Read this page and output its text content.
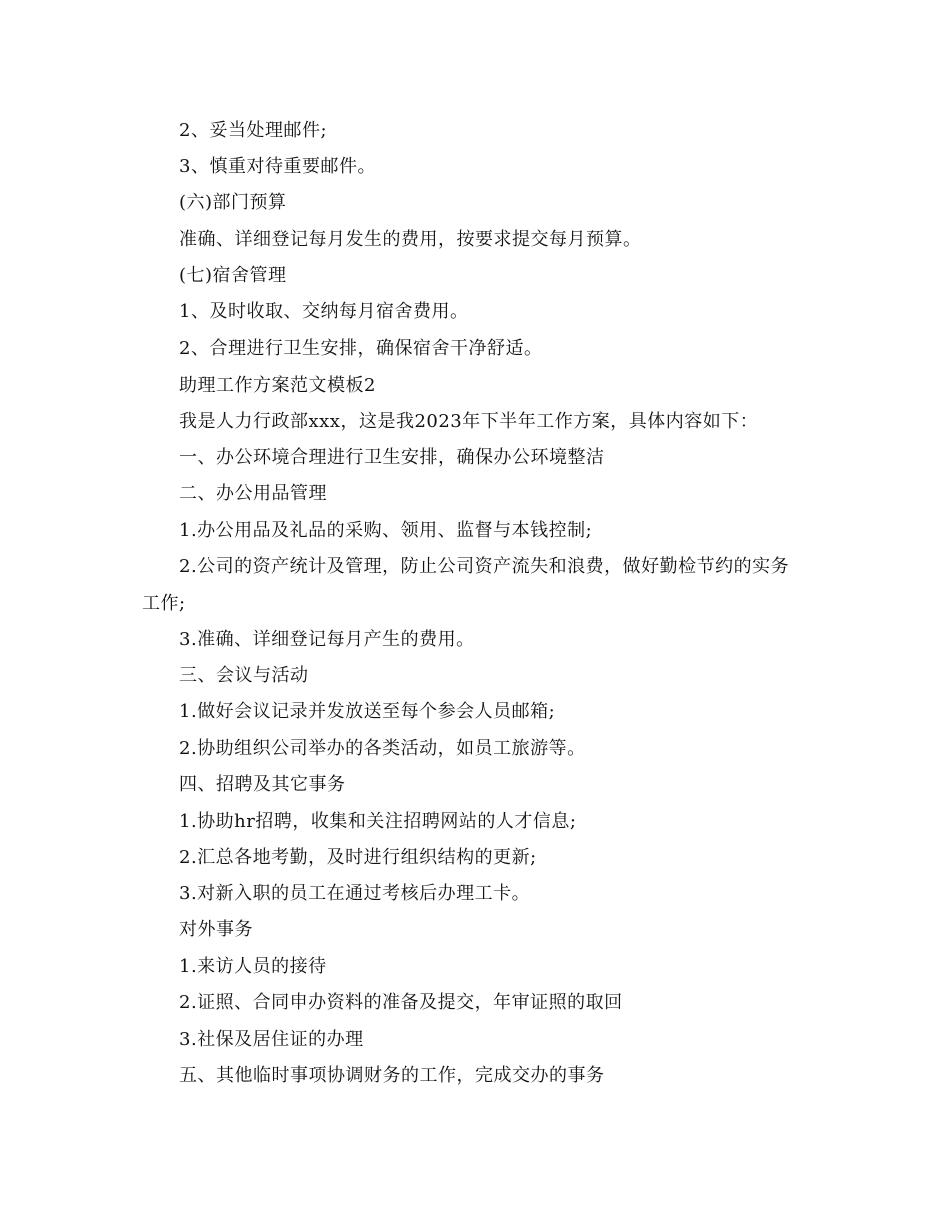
2、妥当处理邮件;
3、慎重对待重要邮件。
(六)部门预算
准确、详细登记每月发生的费用，按要求提交每月预算。
(七)宿舍管理
1、及时收取、交纳每月宿舍费用。
2、合理进行卫生安排，确保宿舍干净舒适。
助理工作方案范文模板2
我是人力行政部xxx，这是我2023年下半年工作方案，具体内容如下：
一、办公环境合理进行卫生安排，确保办公环境整洁
二、办公用品管理
1.办公用品及礼品的采购、领用、监督与本钱控制;
2.公司的资产统计及管理，防止公司资产流失和浪费，做好勤检节约的实务
工作;
3.准确、详细登记每月产生的费用。
三、会议与活动
1.做好会议记录并发放送至每个参会人员邮箱;
2.协助组织公司举办的各类活动，如员工旅游等。
四、招聘及其它事务
1.协助hr招聘，收集和关注招聘网站的人才信息;
2.汇总各地考勤，及时进行组织结构的更新;
3.对新入职的员工在通过考核后办理工卡。
对外事务
1.来访人员的接待
2.证照、合同申办资料的准备及提交，年审证照的取回
3.社保及居住证的办理
五、其他临时事项协调财务的工作，完成交办的事务
